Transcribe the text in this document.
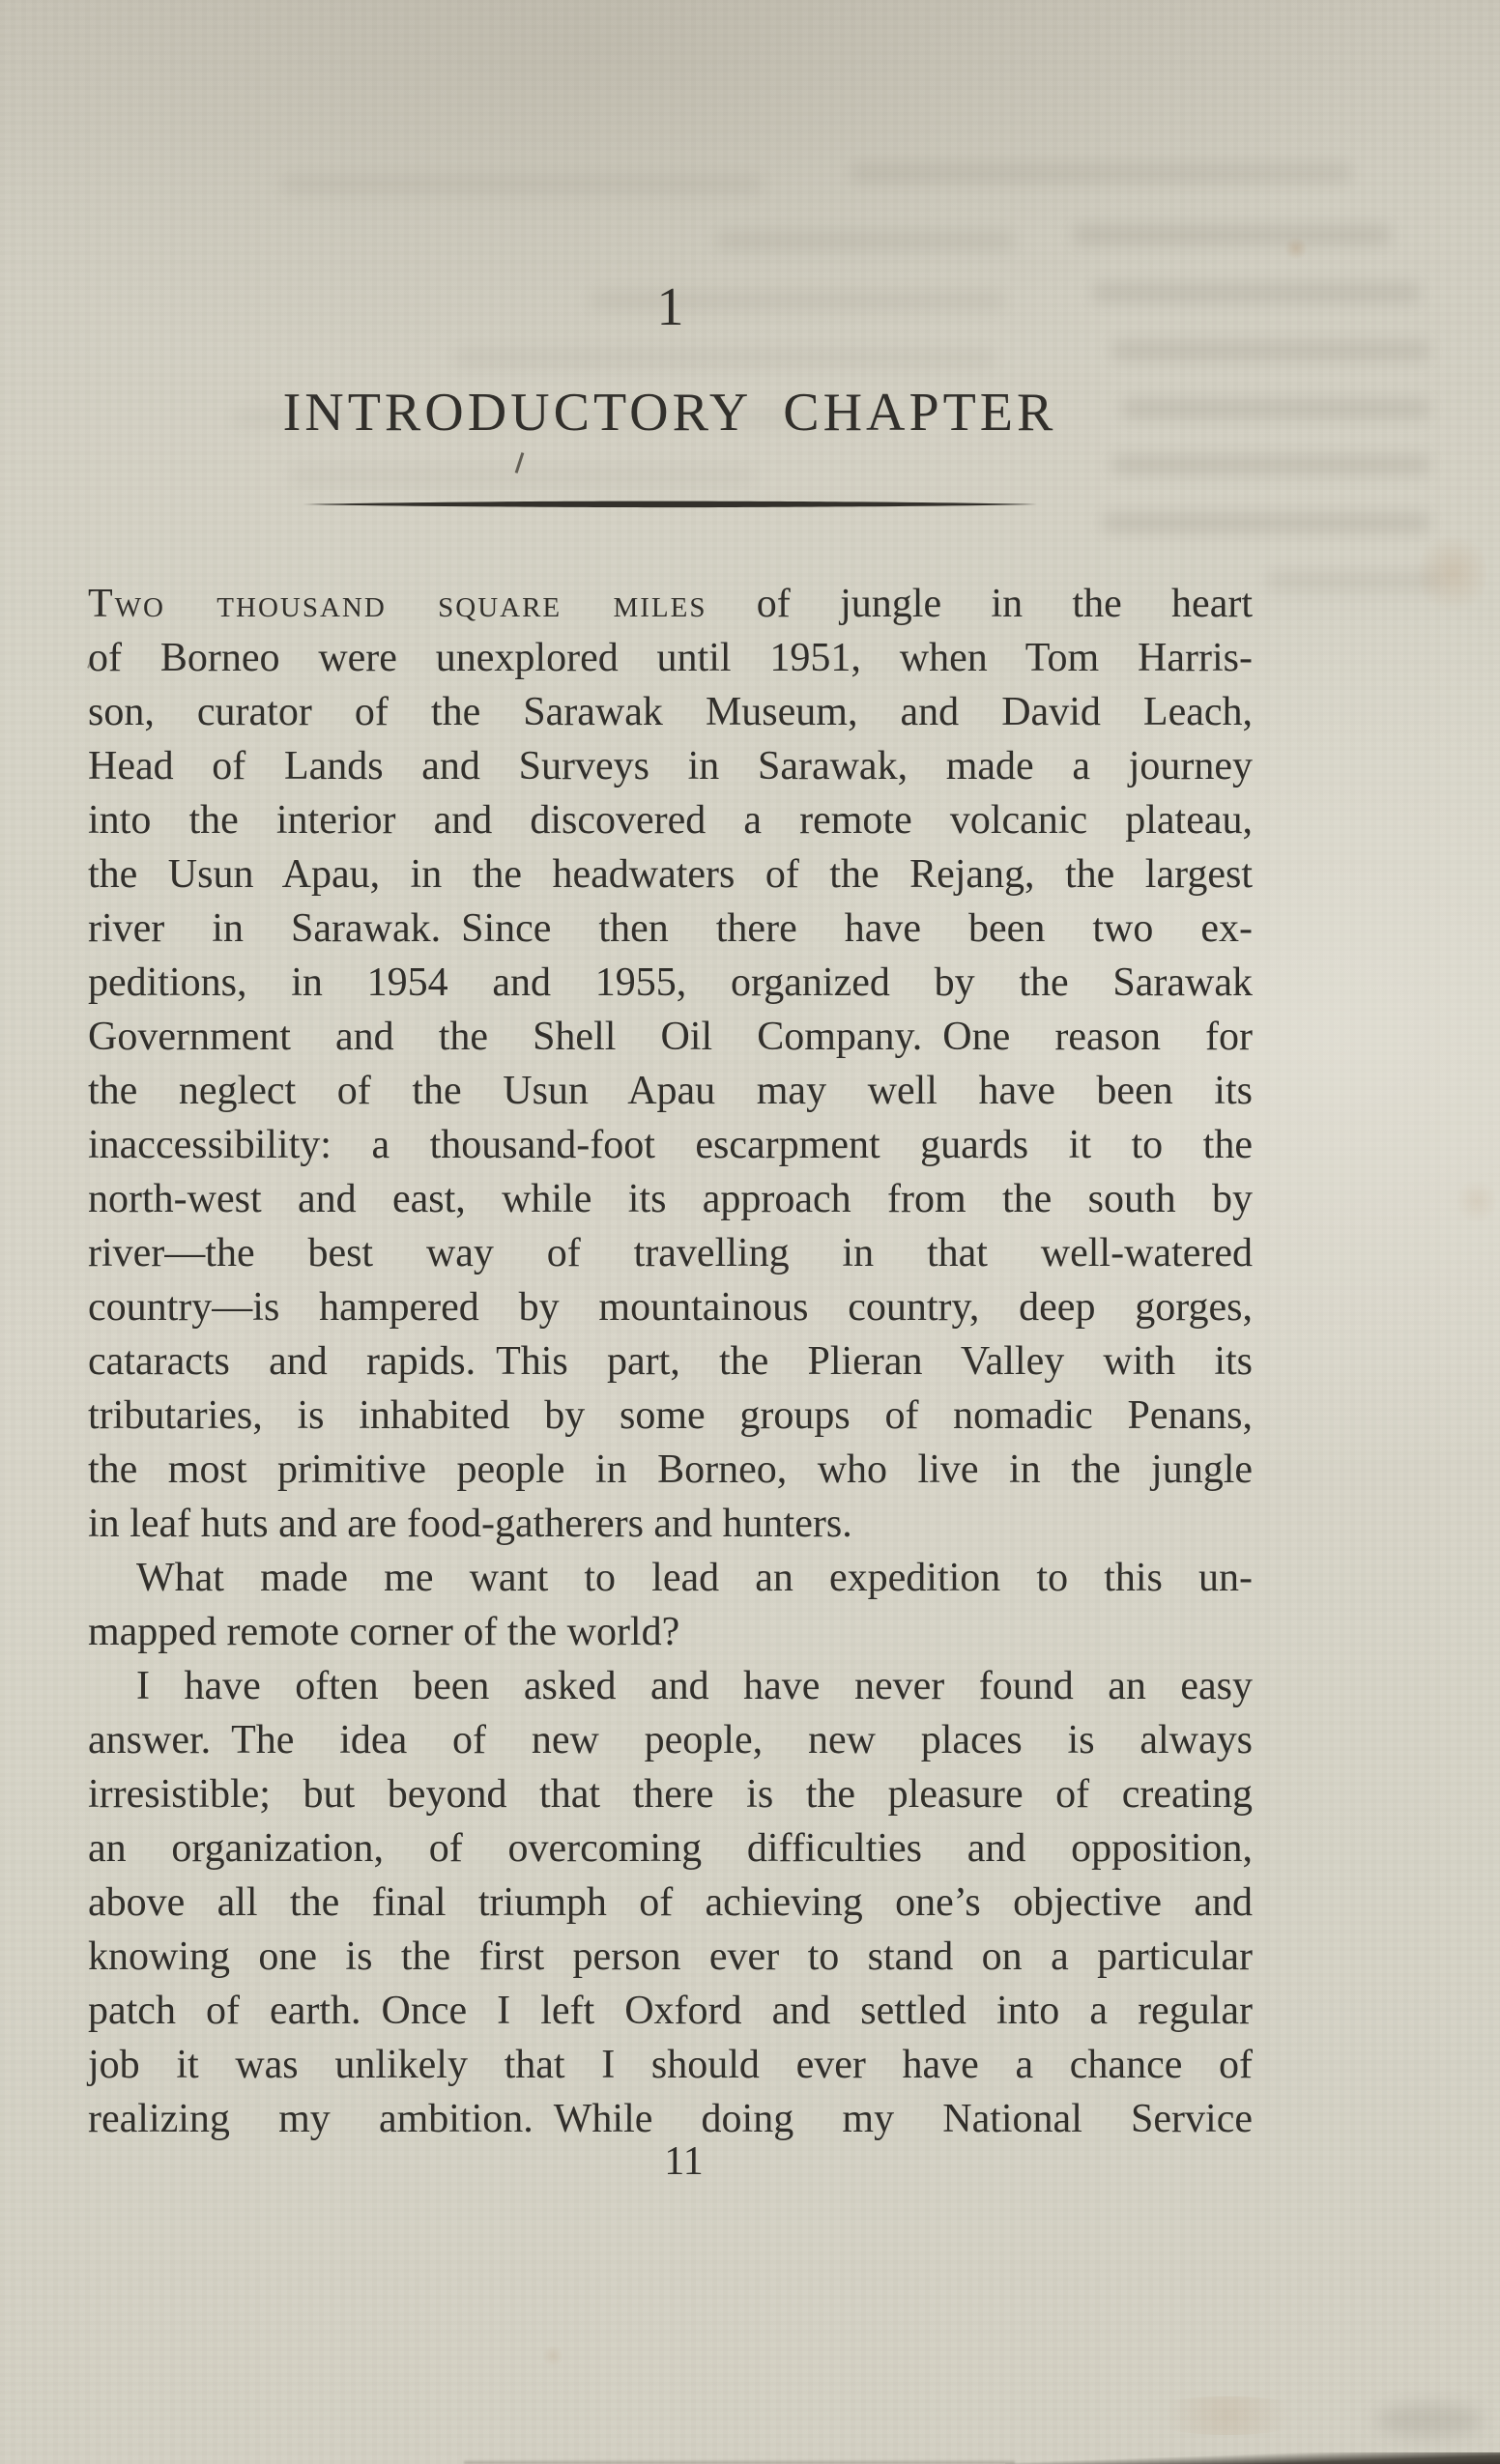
1
INTRODUCTORY CHAPTER
Two thousand square miles of jungle in the heart
of Borneo were unexplored until 1951, when Tom Harris-
son, curator of the Sarawak Museum, and David Leach,
Head of Lands and Surveys in Sarawak, made a journey
into the interior and discovered a remote volcanic plateau,
the Usun Apau, in the headwaters of the Rejang, the largest
river in Sarawak. Since then there have been two ex-
peditions, in 1954 and 1955, organized by the Sarawak
Government and the Shell Oil Company. One reason for
the neglect of the Usun Apau may well have been its
inaccessibility: a thousand-foot escarpment guards it to the
north-west and east, while its approach from the south by
river—the best way of travelling in that well-watered
country—is hampered by mountainous country, deep gorges,
cataracts and rapids. This part, the Plieran Valley with its
tributaries, is inhabited by some groups of nomadic Penans,
the most primitive people in Borneo, who live in the jungle
in leaf huts and are food-gatherers and hunters.
What made me want to lead an expedition to this un-
mapped remote corner of the world?
I have often been asked and have never found an easy
answer. The idea of new people, new places is always
irresistible; but beyond that there is the pleasure of creating
an organization, of overcoming difficulties and opposition,
above all the final triumph of achieving one’s objective and
knowing one is the first person ever to stand on a particular
patch of earth. Once I left Oxford and settled into a regular
job it was unlikely that I should ever have a chance of
realizing my ambition. While doing my National Service
11
